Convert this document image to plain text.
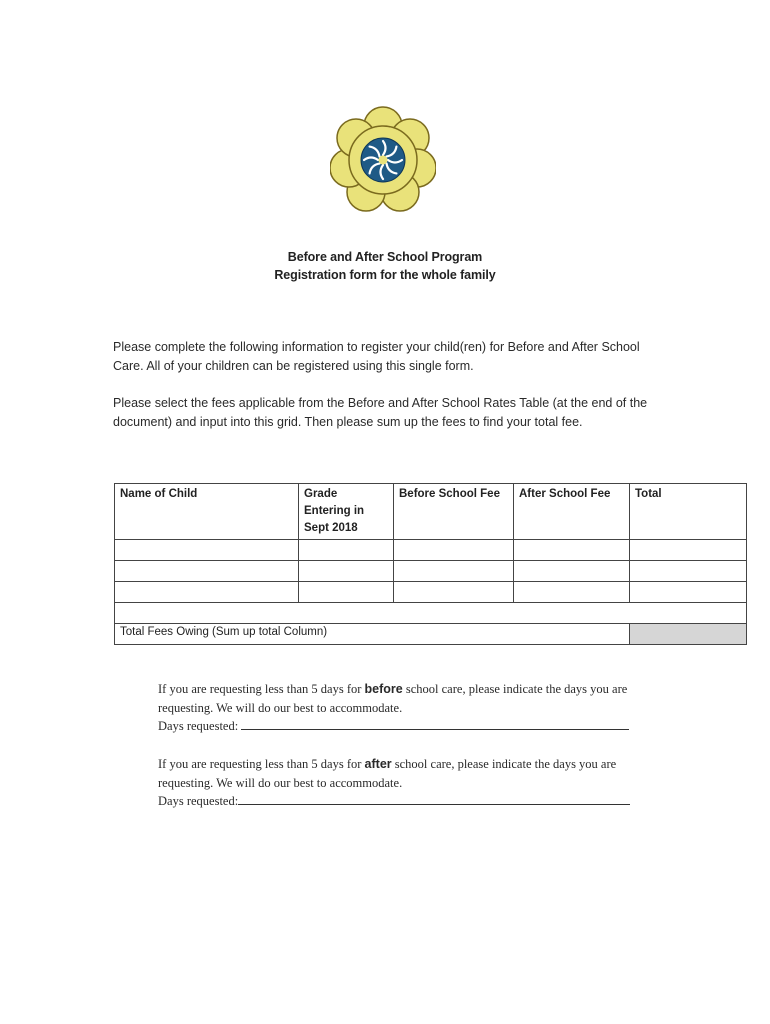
Before and After School Program
Registration form for the whole family
Please complete the following information to register your child(ren) for Before and After School Care. All of your children can be registered using this single form.
Please select the fees applicable from the Before and After School Rates Table (at the end of the document) and input into this grid. Then please sum up the fees to find your total fee.
Name of Child	Grade
Entering in
Sept 2018	Before School Fee	After School Fee	Total

Total Fees Owing (Sum up total Column)				
If you are requesting less than 5 days for before school care, please indicate the days you are requesting. We will do our best to accommodate.
Days requested:
If you are requesting less than 5 days for after school care, please indicate the days you are requesting. We will do our best to accommodate.
Days requested:
